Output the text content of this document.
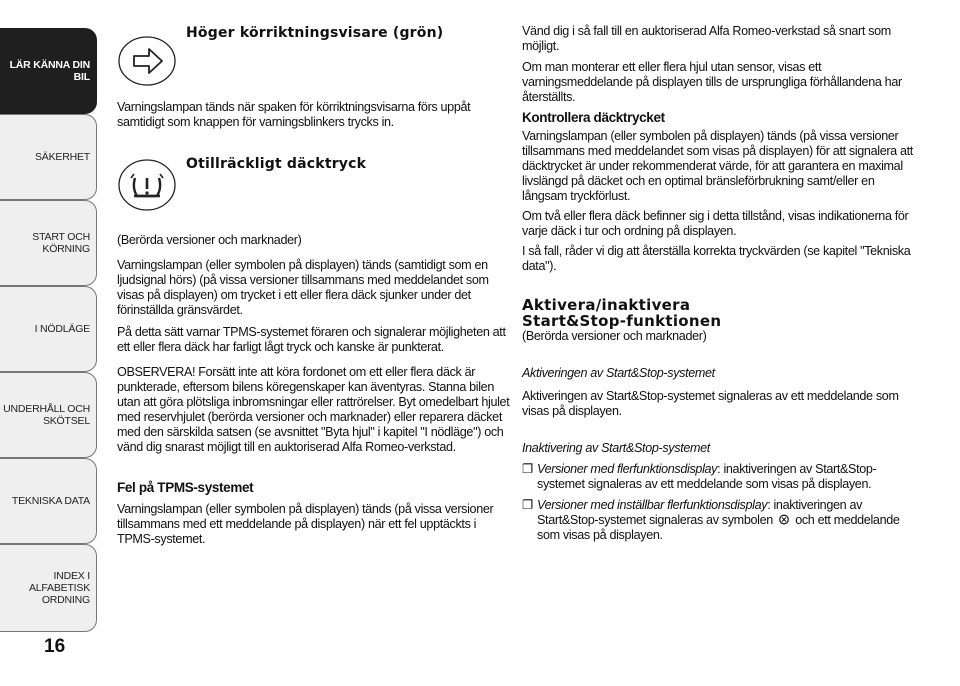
LÄR KÄNNA DIN
BIL
SÄKERHET
START OCH
KÖRNING
I NÖDLÄGE
UNDERHÅLL OCH
SKÖTSEL
TEKNISKA DATA
INDEX I ALFABETISK
ORDNING
16
Höger körriktningsvisare (grön)

Varningslampan tänds när spaken för körriktningsvisarna förs uppåt samtidigt som knappen för varningsblinkers trycks in.

Otillräckligt däcktryck

(Berörda versioner och marknader)

Varningslampan (eller symbolen på displayen) tänds (samtidigt som en ljudsignal hörs) (på vissa versioner tillsammans med meddelandet som visas på displayen) om trycket i ett eller flera däck sjunker under det förinställda gränsvärdet.

På detta sätt varnar TPMS-systemet föraren och signalerar möjligheten att ett eller flera däck har farligt lågt tryck och kanske är punkterat.

OBSERVERA! Forsätt inte att köra fordonet om ett eller flera däck är punkterade, eftersom bilens köregenskaper kan äventyras. Stanna bilen utan att göra plötsliga inbromsningar eller rattrörelser. Byt omedelbart hjulet med reservhjulet (berörda versioner och marknader) eller reparera däcket med den särskilda satsen (se avsnittet "Byta hjul" i kapitel "I nödläge") och vänd dig snarast möjligt till en auktoriserad Alfa Romeo-verkstad.

Fel på TPMS-systemet

Varningslampan (eller symbolen på displayen) tänds (på vissa versioner tillsammans med ett meddelande på displayen) när ett fel upptäckts i TPMS-systemet.

Vänd dig i så fall till en auktoriserad Alfa Romeo-verkstad så snart som möjligt.

Om man monterar ett eller flera hjul utan sensor, visas ett varningsmeddelande på displayen tills de ursprungliga förhållandena har återställts.

Kontrollera däcktrycket

Varningslampan (eller symbolen på displayen) tänds (på vissa versioner tillsammans med meddelandet som visas på displayen) för att signalera att däcktrycket är under rekommenderat värde, för att garantera en maximal livslängd på däcket och en optimal bränsleförbrukning samt/eller en långsam tryckförlust.

Om två eller flera däck befinner sig i detta tillstånd, visas indikationerna för varje däck i tur och ordning på displayen.

I så fall, råder vi dig att återställa korrekta tryckvärden (se kapitel "Tekniska data").

Aktivera/inaktivera Start&Stop-funktionen

(Berörda versioner och marknader)

Aktiveringen av Start&Stop-systemet

Aktiveringen av Start&Stop-systemet signaleras av ett meddelande som visas på displayen.

Inaktivering av Start&Stop-systemet

❐ Versioner med flerfunktionsdisplay: inaktiveringen av Start&Stop-systemet signaleras av ett meddelande som visas på displayen.
❐ Versioner med inställbar flerfunktionsdisplay: inaktiveringen av Start&Stop-systemet signaleras av symbolen och ett meddelande som visas på displayen.
